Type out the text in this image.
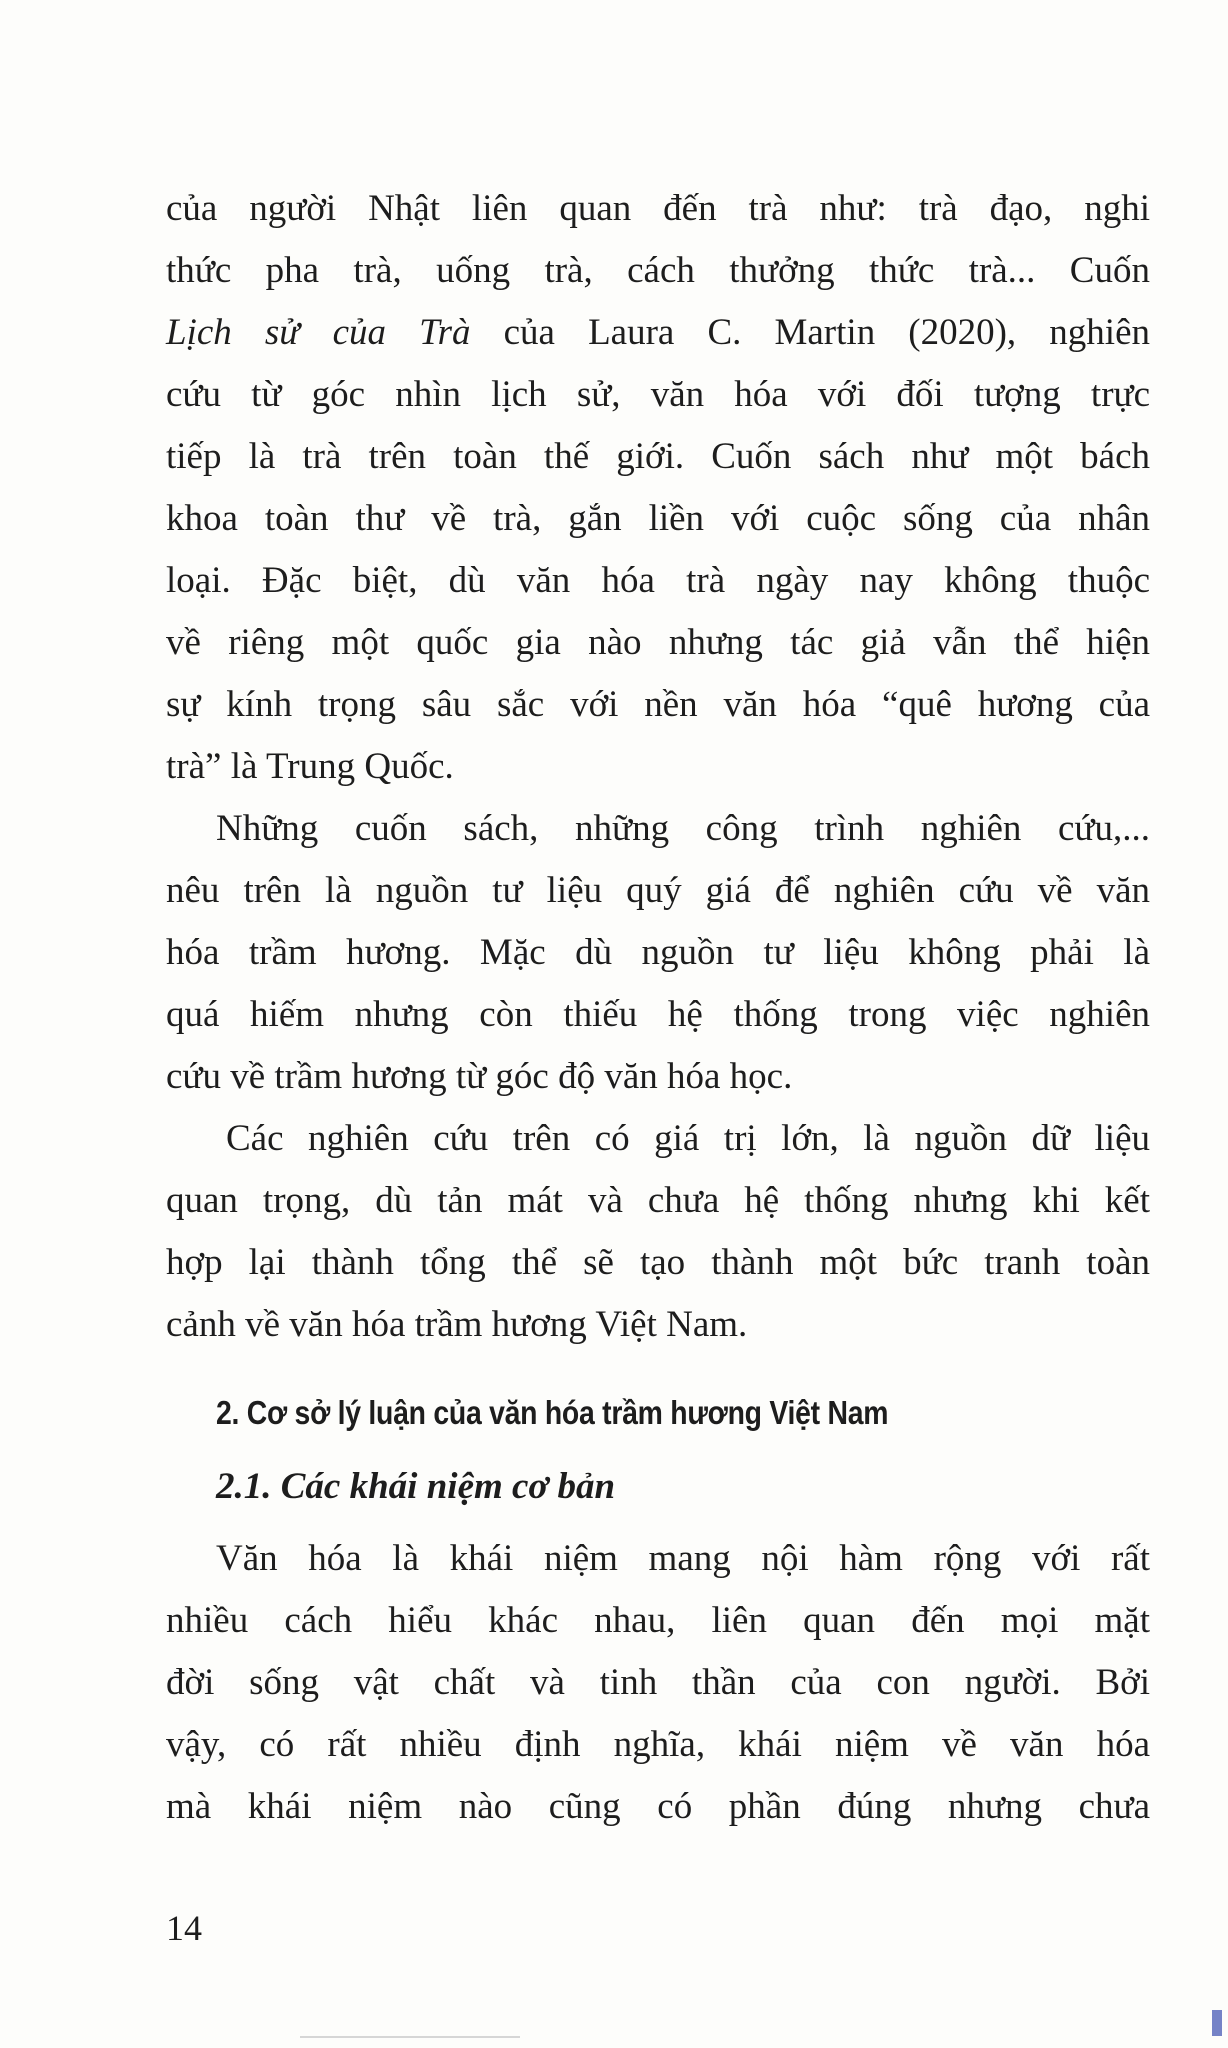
của người Nhật liên quan đến trà như: trà đạo, nghi
thức pha trà, uống trà, cách thưởng thức trà... Cuốn
Lịch sử của Trà của Laura C. Martin (2020), nghiên
cứu từ góc nhìn lịch sử, văn hóa với đối tượng trực
tiếp là trà trên toàn thế giới. Cuốn sách như một bách
khoa toàn thư về trà, gắn liền với cuộc sống của nhân
loại. Đặc biệt, dù văn hóa trà ngày nay không thuộc
về riêng một quốc gia nào nhưng tác giả vẫn thể hiện
sự kính trọng sâu sắc với nền văn hóa “quê hương của
trà” là Trung Quốc.
Những cuốn sách, những công trình nghiên cứu,...
nêu trên là nguồn tư liệu quý giá để nghiên cứu về văn
hóa trầm hương. Mặc dù nguồn tư liệu không phải là
quá hiếm nhưng còn thiếu hệ thống trong việc nghiên
cứu về trầm hương từ góc độ văn hóa học.
Các nghiên cứu trên có giá trị lớn, là nguồn dữ liệu
quan trọng, dù tản mát và chưa hệ thống nhưng khi kết
hợp lại thành tổng thể sẽ tạo thành một bức tranh toàn
cảnh về văn hóa trầm hương Việt Nam.
2. Cơ sở lý luận của văn hóa trầm hương Việt Nam
2.1. Các khái niệm cơ bản
Văn hóa là khái niệm mang nội hàm rộng với rất
nhiều cách hiểu khác nhau, liên quan đến mọi mặt
đời sống vật chất và tinh thần của con người. Bởi
vậy, có rất nhiều định nghĩa, khái niệm về văn hóa
mà khái niệm nào cũng có phần đúng nhưng chưa
14
